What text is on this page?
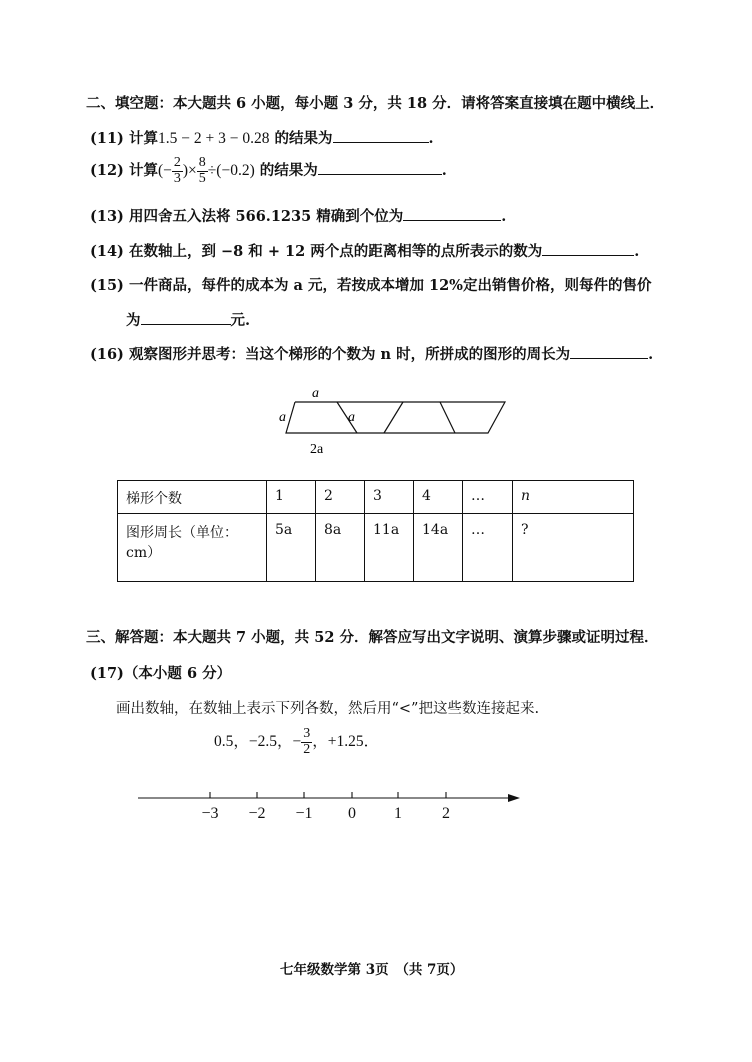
二、填空题：本大题共 6 小题，每小题 3 分，共 18 分．请将答案直接填在题中横线上．
(11) 计算1.5 − 2 + 3 − 0.28 的结果为	.
(12) 计算(− $\frac{2}{3}$ )× $\frac{8}{5} \div(-0.2)$ 的结果为	.
(13) 用四舍五入法将 566.1235 精确到个位为	.
(14) 在数轴上，到 −8 和 + 12 两个点的距离相等的点所表示的数为	.
(15) 一件商品，每件的成本为 a 元，若按成本增加 12%定出销售价格，则每件的售价
为	元.
(16) 观察图形并思考：当这个梯形的个数为 n 时，所拼成的图形的周长为	.
a
a	a
2a
梯形个数	1	2	3	4	…	n
图形周长（单位：cm）	5a	8a	11a	14a	…	?
三、解答题：本大题共 7 小题，共 52 分．解答应写出文字说明、演算步骤或证明过程．
(17)（本小题 6 分）
画出数轴，在数轴上表示下列各数，然后用“<”把这些数连接起来.
0.5，−2.5，− $\frac{3}{2}$ ，+1.25．
−3 −2 −1 0 1	2
七年级数学第 3页　（共 7页）
